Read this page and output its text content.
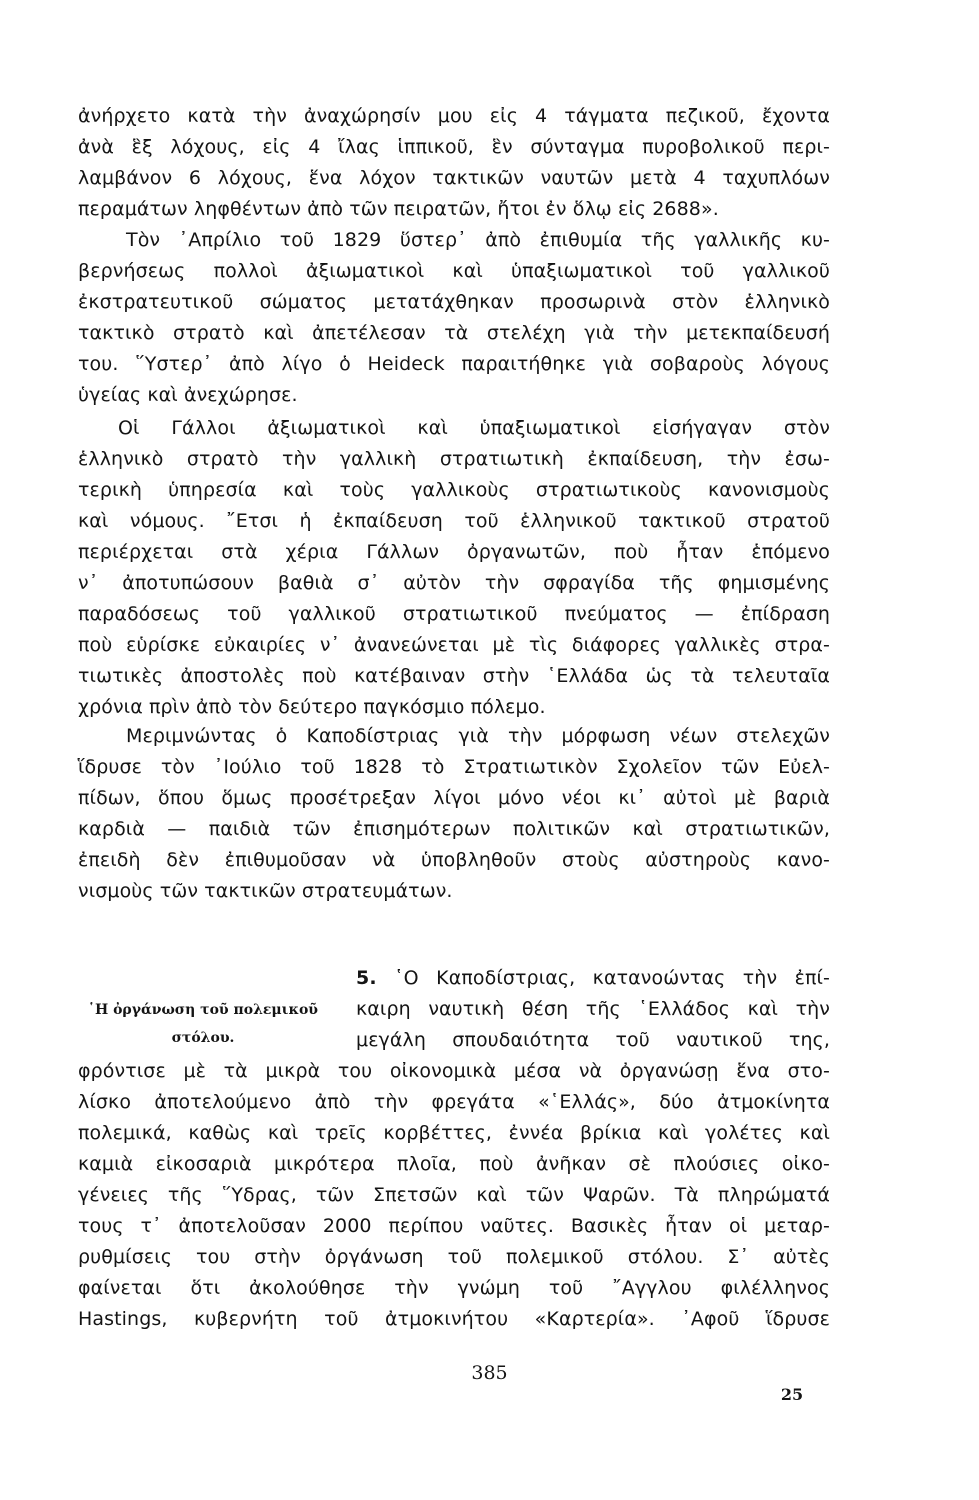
ἀνήρχετο κατὰ τὴν ἀναχώρησίν μου εἰς 4 τάγματα πεζικοῦ, ἔχοντα
ἀνὰ ἓξ λόχους, εἰς 4 ἴλας ἱππικοῦ, ἓν σύνταγμα πυροβολικοῦ περι-
λαμβάνον 6 λόχους, ἕνα λόχον τακτικῶν ναυτῶν μετὰ 4 ταχυπλόων
περαμάτων ληφθέντων ἀπὸ τῶν πειρατῶν, ἤτοι ἐν ὅλῳ εἰς 2688».
Τὸν ᾿Απρίλιο τοῦ 1829 ὕστερ᾽ ἀπὸ ἐπιθυμία τῆς γαλλικῆς κυ-
βερνήσεως πολλοὶ ἀξιωματικοὶ καὶ ὑπαξιωματικοὶ τοῦ γαλλικοῦ
ἐκστρατευτικοῦ σώματος μετατάχθηκαν προσωρινὰ στὸν ἑλληνικὸ
τακτικὸ στρατὸ καὶ ἀπετέλεσαν τὰ στελέχη γιὰ τὴν μετεκπαίδευσή
του. ῞Υστερ᾽ ἀπὸ λίγο ὁ Heideck παραιτήθηκε γιὰ σοβαροὺς λόγους
ὑγείας καὶ ἀνεχώρησε.
Οἱ Γάλλοι ἀξιωματικοὶ καὶ ὑπαξιωματικοὶ εἰσήγαγαν στὸν
ἑλληνικὸ στρατὸ τὴν γαλλικὴ στρατιωτικὴ ἐκπαίδευση, τὴν ἐσω-
τερικὴ ὑπηρεσία καὶ τοὺς γαλλικοὺς στρατιωτικοὺς κανονισμοὺς
καὶ νόμους. ῎Ετσι ἡ ἐκπαίδευση τοῦ ἑλληνικοῦ τακτικοῦ στρατοῦ
περιέρχεται στὰ χέρια Γάλλων ὀργανωτῶν, ποὺ ἦταν ἑπόμενο
ν᾽ ἀποτυπώσουν βαθιὰ σ᾽ αὐτὸν τὴν σφραγίδα τῆς φημισμένης
παραδόσεως τοῦ γαλλικοῦ στρατιωτικοῦ πνεύματος — ἐπίδραση
ποὺ εὑρίσκε εὐκαιρίες ν᾽ ἀνανεώνεται μὲ τὶς διάφορες γαλλικὲς στρα-
τιωτικὲς ἀποστολὲς ποὺ κατέβαιναν στὴν ῾Ελλάδα ὡς τὰ τελευταῖα
χρόνια πρὶν ἀπὸ τὸν δεύτερο παγκόσμιο πόλεμο.
Μεριμνώντας ὁ Καποδίστριας γιὰ τὴν μόρφωση νέων στελεχῶν
ἵδρυσε τὸν ᾿Ιούλιο τοῦ 1828 τὸ Στρατιωτικὸν Σχολεῖον τῶν Εὐελ-
πίδων, ὅπου ὅμως προσέτρεξαν λίγοι μόνο νέοι κι᾽ αὐτοὶ μὲ βαριὰ
καρδιὰ — παιδιὰ τῶν ἐπισημότερων πολιτικῶν καὶ στρατιωτικῶν,
ἐπειδὴ δὲν ἐπιθυμοῦσαν νὰ ὑποβληθοῦν στοὺς αὐστηροὺς κανο-
νισμοὺς τῶν τακτικῶν στρατευμάτων.
῾Η ὀργάνωση τοῦ πολεμικοῦ
στόλου.
5. ῾Ο Καποδίστριας, κατανοώντας τὴν ἐπί-
καιρη ναυτικὴ θέση τῆς ῾Ελλάδος καὶ τὴν
μεγάλη σπουδαιότητα τοῦ ναυτικοῦ της,
φρόντισε μὲ τὰ μικρὰ του οἰκονομικὰ μέσα νὰ ὀργανώσῃ ἕνα στο-
λίσκο ἀποτελούμενο ἀπὸ τὴν φρεγάτα «῾Ελλάς», δύο ἀτμοκίνητα
πολεμικά, καθὼς καὶ τρεῖς κορβέττες, ἐννέα βρίκια καὶ γολέτες καὶ
καμιὰ εἰκοσαριὰ μικρότερα πλοῖα, ποὺ ἀνῆκαν σὲ πλούσιες οἰκο-
γένειες τῆς ῞Υδρας, τῶν Σπετσῶν καὶ τῶν Ψαρῶν. Τὰ πληρώματά
τους τ᾽ ἀποτελοῦσαν 2000 περίπου ναῦτες. Βασικὲς ἦταν οἱ μεταρ-
ρυθμίσεις του στὴν ὀργάνωση τοῦ πολεμικοῦ στόλου. Σ᾽ αὐτὲς
φαίνεται ὅτι ἀκολούθησε τὴν γνώμη τοῦ ῎Αγγλου φιλέλληνος
Hastings, κυβερνήτη τοῦ ἀτμοκινήτου «Καρτερία». ᾿Αφοῦ ἵδρυσε
385
25
